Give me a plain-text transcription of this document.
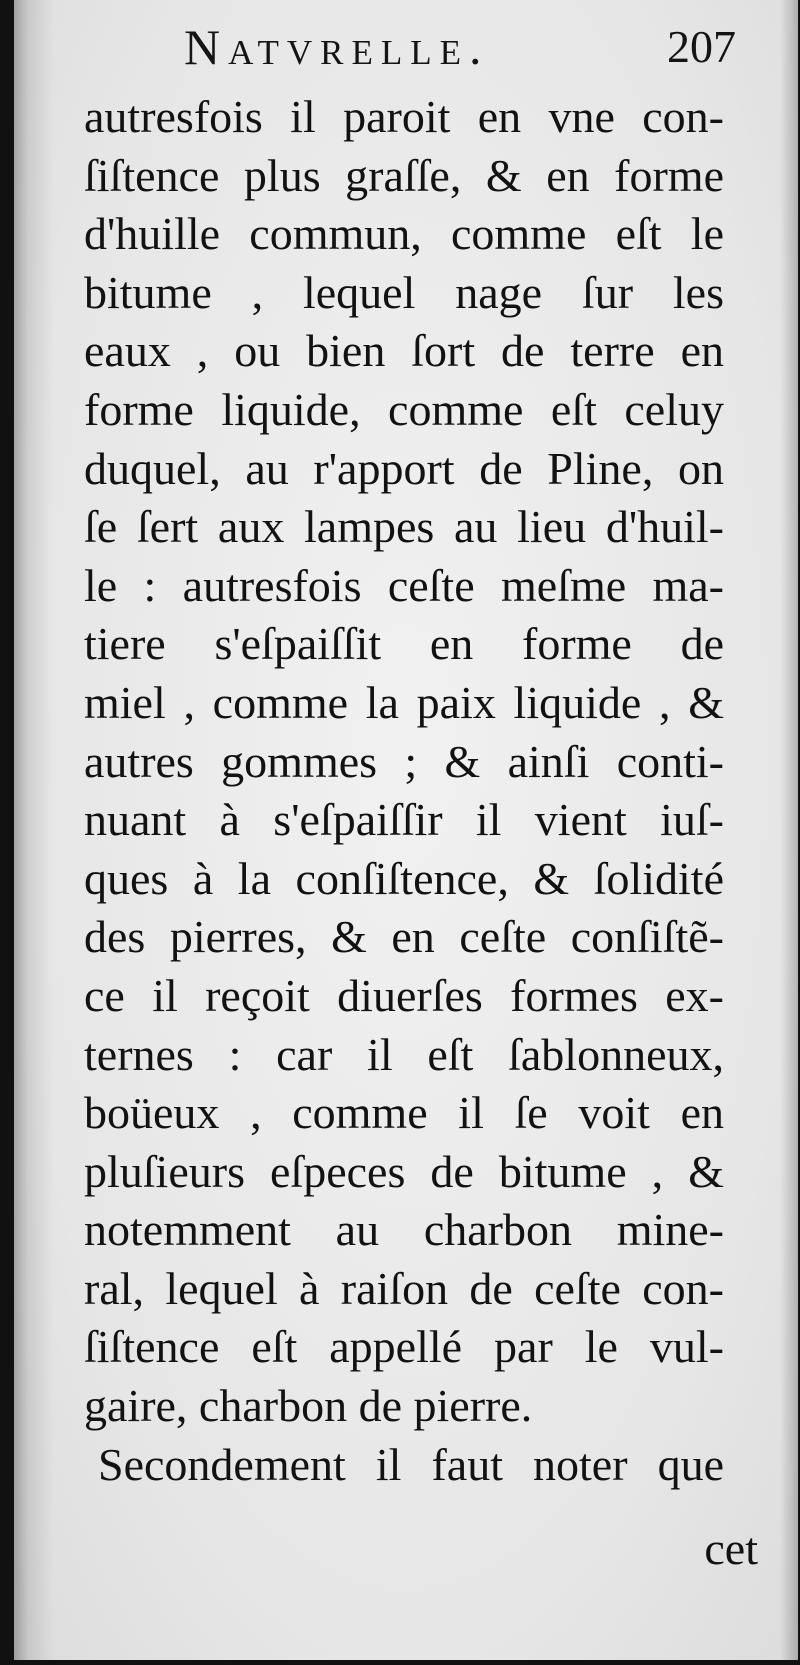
Natvrelle.	207
autresfois il paroit en vne con-
ſiſtence plus graſſe, & en forme
d'huille commun, comme eſt le
bitume , lequel nage ſur les
eaux , ou bien ſort de terre en
forme liquide, comme eſt celuy
duquel, au r'apport de Pline, on
ſe ſert aux lampes au lieu d'huil-
le : autresfois ceſte meſme ma-
tiere s'eſpaiſſit en forme de
miel , comme la paix liquide , &
autres gommes ; & ainſi conti-
nuant à s'eſpaiſſir il vient iuſ-
ques à la conſiſtence, & ſolidité
des pierres, & en ceſte conſiſtẽ-
ce il reçoit diuerſes formes ex-
ternes : car il eſt ſablonneux,
boüeux , comme il ſe voit en
pluſieurs eſpeces de bitume , &
notemment au charbon mine-
ral, lequel à raiſon de ceſte con-
ſiſtence eſt appellé par le vul-
gaire, charbon de pierre.
Secondement il faut noter que
cet
